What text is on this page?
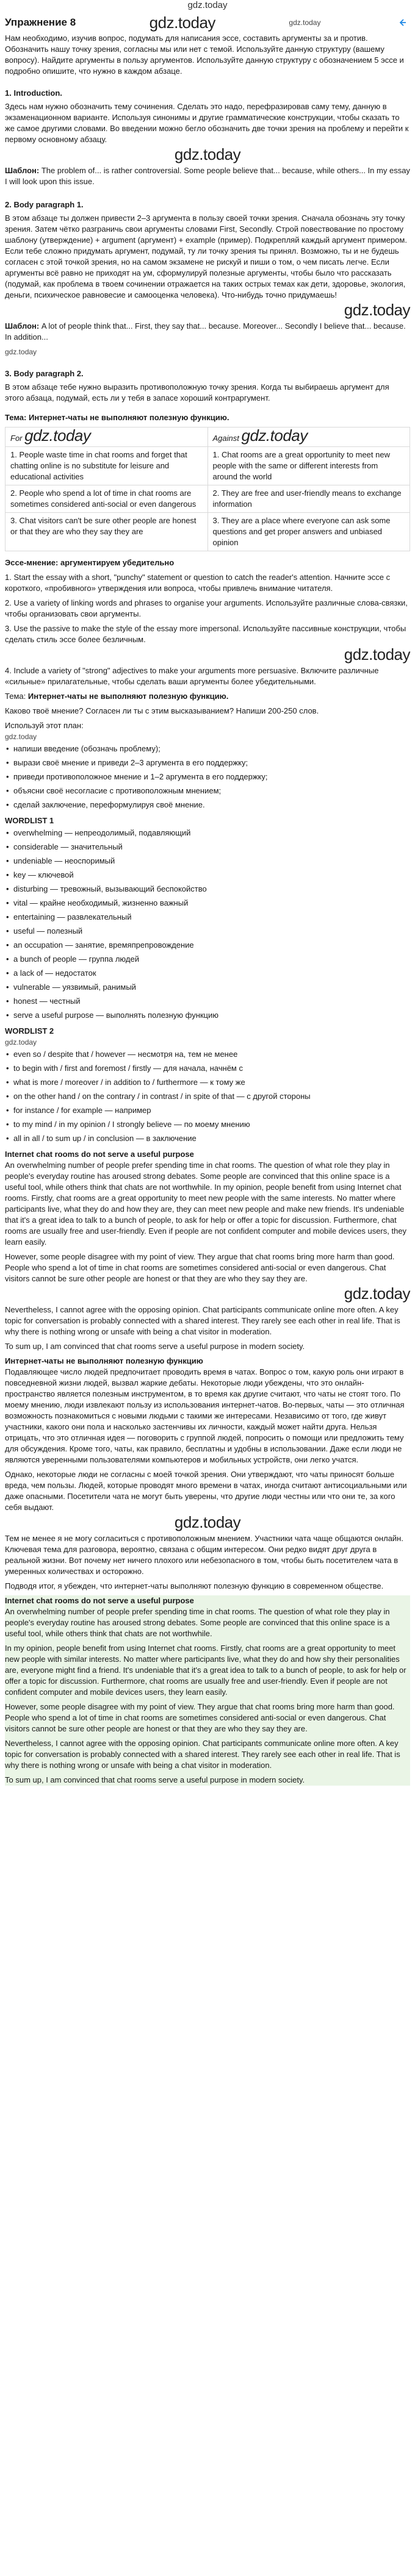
gdz.today
Упражнение 8	gdz.today	gdz.today

Нам необходимо, изучив вопрос, подумать для написания эссе, составить аргументы за и против. Обозначить нашу точку зрения, согласны мы или нет с темой. Используйте данную структуру (вашему вопросу). Найдите аргументы в пользу аргументов. Используйте данную структуру с обозначением 5 эссе и подробно опишите, что нужно в каждом абзаце.

1. Introduction.

Здесь нам нужно обозначить тему сочинения. Сделать это надо, перефразировав саму тему, данную в экзаменационном варианте. Используя синонимы и другие грамматические конструкции, чтобы сказать то же самое другими словами. Во введении можно бегло обозначить две точки зрения на проблему и перейти к первому основному абзацу.

gdz.today

Шаблон: The problem of... is rather controversial. Some people believe that... because, while others... In my essay I will look upon this issue.

2. Body paragraph 1.

В этом абзаце ты должен привести 2–3 аргумента в пользу своей точки зрения. Сначала обозначь эту точку зрения. Затем чётко разграничь свои аргументы словами First, Secondly. Строй повествование по простому шаблону (утверждение) + argument (аргумент) + example (пример). Подкрепляй каждый аргумент примером. Если тебе сложно придумать аргумент, подумай, ту ли точку зрения ты принял. Возможно, ты и не будешь согласен с этой точкой зрения, но на самом экзамене не рискуй и пиши о том, о чем писать легче. Если аргументы всё равно не приходят на ум, сформулируй полезные аргументы, чтобы было что рассказать (подумай, как проблема в твоем сочинении отражается на таких острых темах как дети, здоровье, экология, деньги, психическое равновесие и самооценка человека). Что-нибудь точно придумаешь!

gdz.today

Шаблон: A lot of people think that... First, they say that... because. Moreover... Secondly I believe that... because. In addition...

gdz.today
3. Body paragraph 2.

В этом абзаце тебе нужно выразить противоположную точку зрения. Когда ты выбираешь аргумент для этого абзаца, подумай, есть ли у тебя в запасе хороший контраргумент.

Тема: Интернет-чаты не выполняют полезную функцию.

For gdz.today	Against gdz.today
1. People waste time in chat rooms and forget that chatting online is no substitute for leisure and educational activities	1. Chat rooms are a great opportunity to meet new people with the same or different interests from around the world
2. People who spend a lot of time in chat rooms are sometimes considered anti-social or even dangerous	2. They are free and user-friendly means to exchange information
3. Chat visitors can't be sure other people are honest or that they are who they say they are	3. They are a place where everyone can ask some questions and get proper answers and unbiased opinion

Эссе-мнение: аргументируем убедительно

1. Start the essay with a short, "punchy" statement or question to catch the reader's attention. Начните эссе с короткого, «пробивного» утверждения или вопроса, чтобы привлечь внимание читателя.

2. Use a variety of linking words and phrases to organise your arguments. Используйте различные слова-связки, чтобы организовать свои аргументы.

3. Use the passive to make the style of the essay more impersonal. Используйте пассивные конструкции, чтобы сделать стиль эссе более безличным.

gdz.today

4. Include a variety of "strong" adjectives to make your arguments more persuasive. Включите различные «сильные» прилагательные, чтобы сделать ваши аргументы более убедительными.

Тема: Интернет-чаты не выполняют полезную функцию.

Каково твоё мнение? Согласен ли ты с этим высказыванием? Напиши 200-250 слов.

Используй этот план:
gdz.today
• напиши введение (обозначь проблему);
• вырази своё мнение и приведи 2–3 аргумента в его поддержку;
• приведи противоположное мнение и 1–2 аргумента в его поддержку;
• объясни своё несогласие с противоположным мнением;
• сделай заключение, переформулируя своё мнение.
WORDLIST 1
• overwhelming — непреодолимый, подавляющий
• considerable — значительный
• undeniable — неоспоримый
• key — ключевой
• disturbing — тревожный, вызывающий беспокойство
• vital — крайне необходимый, жизненно важный
• entertaining — развлекательный
• useful — полезный
• an occupation — занятие, времяпрепровождение
• a bunch of people — группа людей
• a lack of — недостаток
• vulnerable — уязвимый, ранимый
• honest — честный
• serve a useful purpose — выполнять полезную функцию
WORDLIST 2
gdz.today
• even so / despite that / however — несмотря на, тем не менее
• to begin with / first and foremost / firstly — для начала, начнём с
• what is more / moreover / in addition to / furthermore — к тому же
• on the other hand / on the contrary / in contrast / in spite of that — с другой стороны
• for instance / for example — например
• to my mind / in my opinion / I strongly believe — по моему мнению
• all in all / to sum up / in conclusion — в заключение
Internet chat rooms do not serve a useful purpose

An overwhelming number of people prefer spending time in chat rooms. The question of what role they play in people's everyday routine has aroused strong debates. Some people are convinced that this online space is a useful tool, while others think that chats are not worthwhile. In my opinion, people benefit from using Internet chat rooms. Firstly, chat rooms are a great opportunity to meet new people with the same interests. No matter where participants live, what they do and how they are, they can meet new people and make new friends. It's undeniable that it's a great idea to talk to a bunch of people, to ask for help or offer a topic for discussion. Furthermore, chat rooms are usually free and user-friendly. Even if people are not confident computer and mobile devices users, they learn easily.

However, some people disagree with my point of view. They argue that chat rooms bring more harm than good. People who spend a lot of time in chat rooms are sometimes considered anti-social or even dangerous. Chat visitors cannot be sure other people are honest or that they are who they say they are.

gdz.today

Nevertheless, I cannot agree with the opposing opinion. Chat participants communicate online more often. A key topic for conversation is probably connected with a shared interest. They rarely see each other in real life. That is why there is nothing wrong or unsafe with being a chat visitor in moderation.

To sum up, I am convinced that chat rooms serve a useful purpose in modern society.

Интернет-чаты не выполняют полезную функцию

Подавляющее число людей предпочитает проводить время в чатах. Вопрос о том, какую роль они играют в повседневной жизни людей, вызвал жаркие дебаты. Некоторые люди убеждены, что это онлайн-пространство является полезным инструментом, в то время как другие считают, что чаты не стоят того. По моему мнению, люди извлекают пользу из использования интернет-чатов. Во-первых, чаты — это отличная возможность познакомиться с новыми людьми с такими же интересами. Независимо от того, где живут участники, какого они пола и насколько застенчивы их личности, каждый может найти друга. Нельзя отрицать, что это отличная идея — поговорить с группой людей, попросить о помощи или предложить тему для обсуждения. Кроме того, чаты, как правило, бесплатны и удобны в использовании. Даже если люди не являются уверенными пользователями компьютеров и мобильных устройств, они легко учатся.

Однако, некоторые люди не согласны с моей точкой зрения. Они утверждают, что чаты приносят больше вреда, чем пользы. Людей, которые проводят много времени в чатах, иногда считают антисоциальными или даже опасными. Посетители чата не могут быть уверены, что другие люди честны или что они те, за кого себя выдают.

gdz.today

Тем не менее я не могу согласиться с противоположным мнением. Участники чата чаще общаются онлайн. Ключевая тема для разговора, вероятно, связана с общим интересом. Они редко видят друг друга в реальной жизни. Вот почему нет ничего плохого или небезопасного в том, чтобы быть посетителем чата в умеренных количествах и осторожно.

Подводя итог, я убежден, что интернет-чаты выполняют полезную функцию в современном обществе.

Internet chat rooms do not serve a useful purpose

An overwhelming number of people prefer spending time in chat rooms. The question of what role they play in people's everyday routine has aroused strong debates. Some people are convinced that this online space is a useful tool, while others think that chats are not worthwhile.

In my opinion, people benefit from using Internet chat rooms. Firstly, chat rooms are a great opportunity to meet new people with similar interests. No matter where participants live, what they do and how shy their personalities are, everyone might find a friend. It's undeniable that it's a great idea to talk to a bunch of people, to ask for help or offer a topic for discussion. Furthermore, chat rooms are usually free and user-friendly. Even if people are not confident computer and mobile devices users, they learn easily.

However, some people disagree with my point of view. They argue that chat rooms bring more harm than good. People who spend a lot of time in chat rooms are sometimes considered anti-social or even dangerous. Chat visitors cannot be sure other people are honest or that they are who they say they are.

Nevertheless, I cannot agree with the opposing opinion. Chat participants communicate online more often. A key topic for conversation is probably connected with a shared interest. They rarely see each other in real life. That is why there is nothing wrong or unsafe with being a chat visitor in moderation.

To sum up, I am convinced that chat rooms serve a useful purpose in modern society.
